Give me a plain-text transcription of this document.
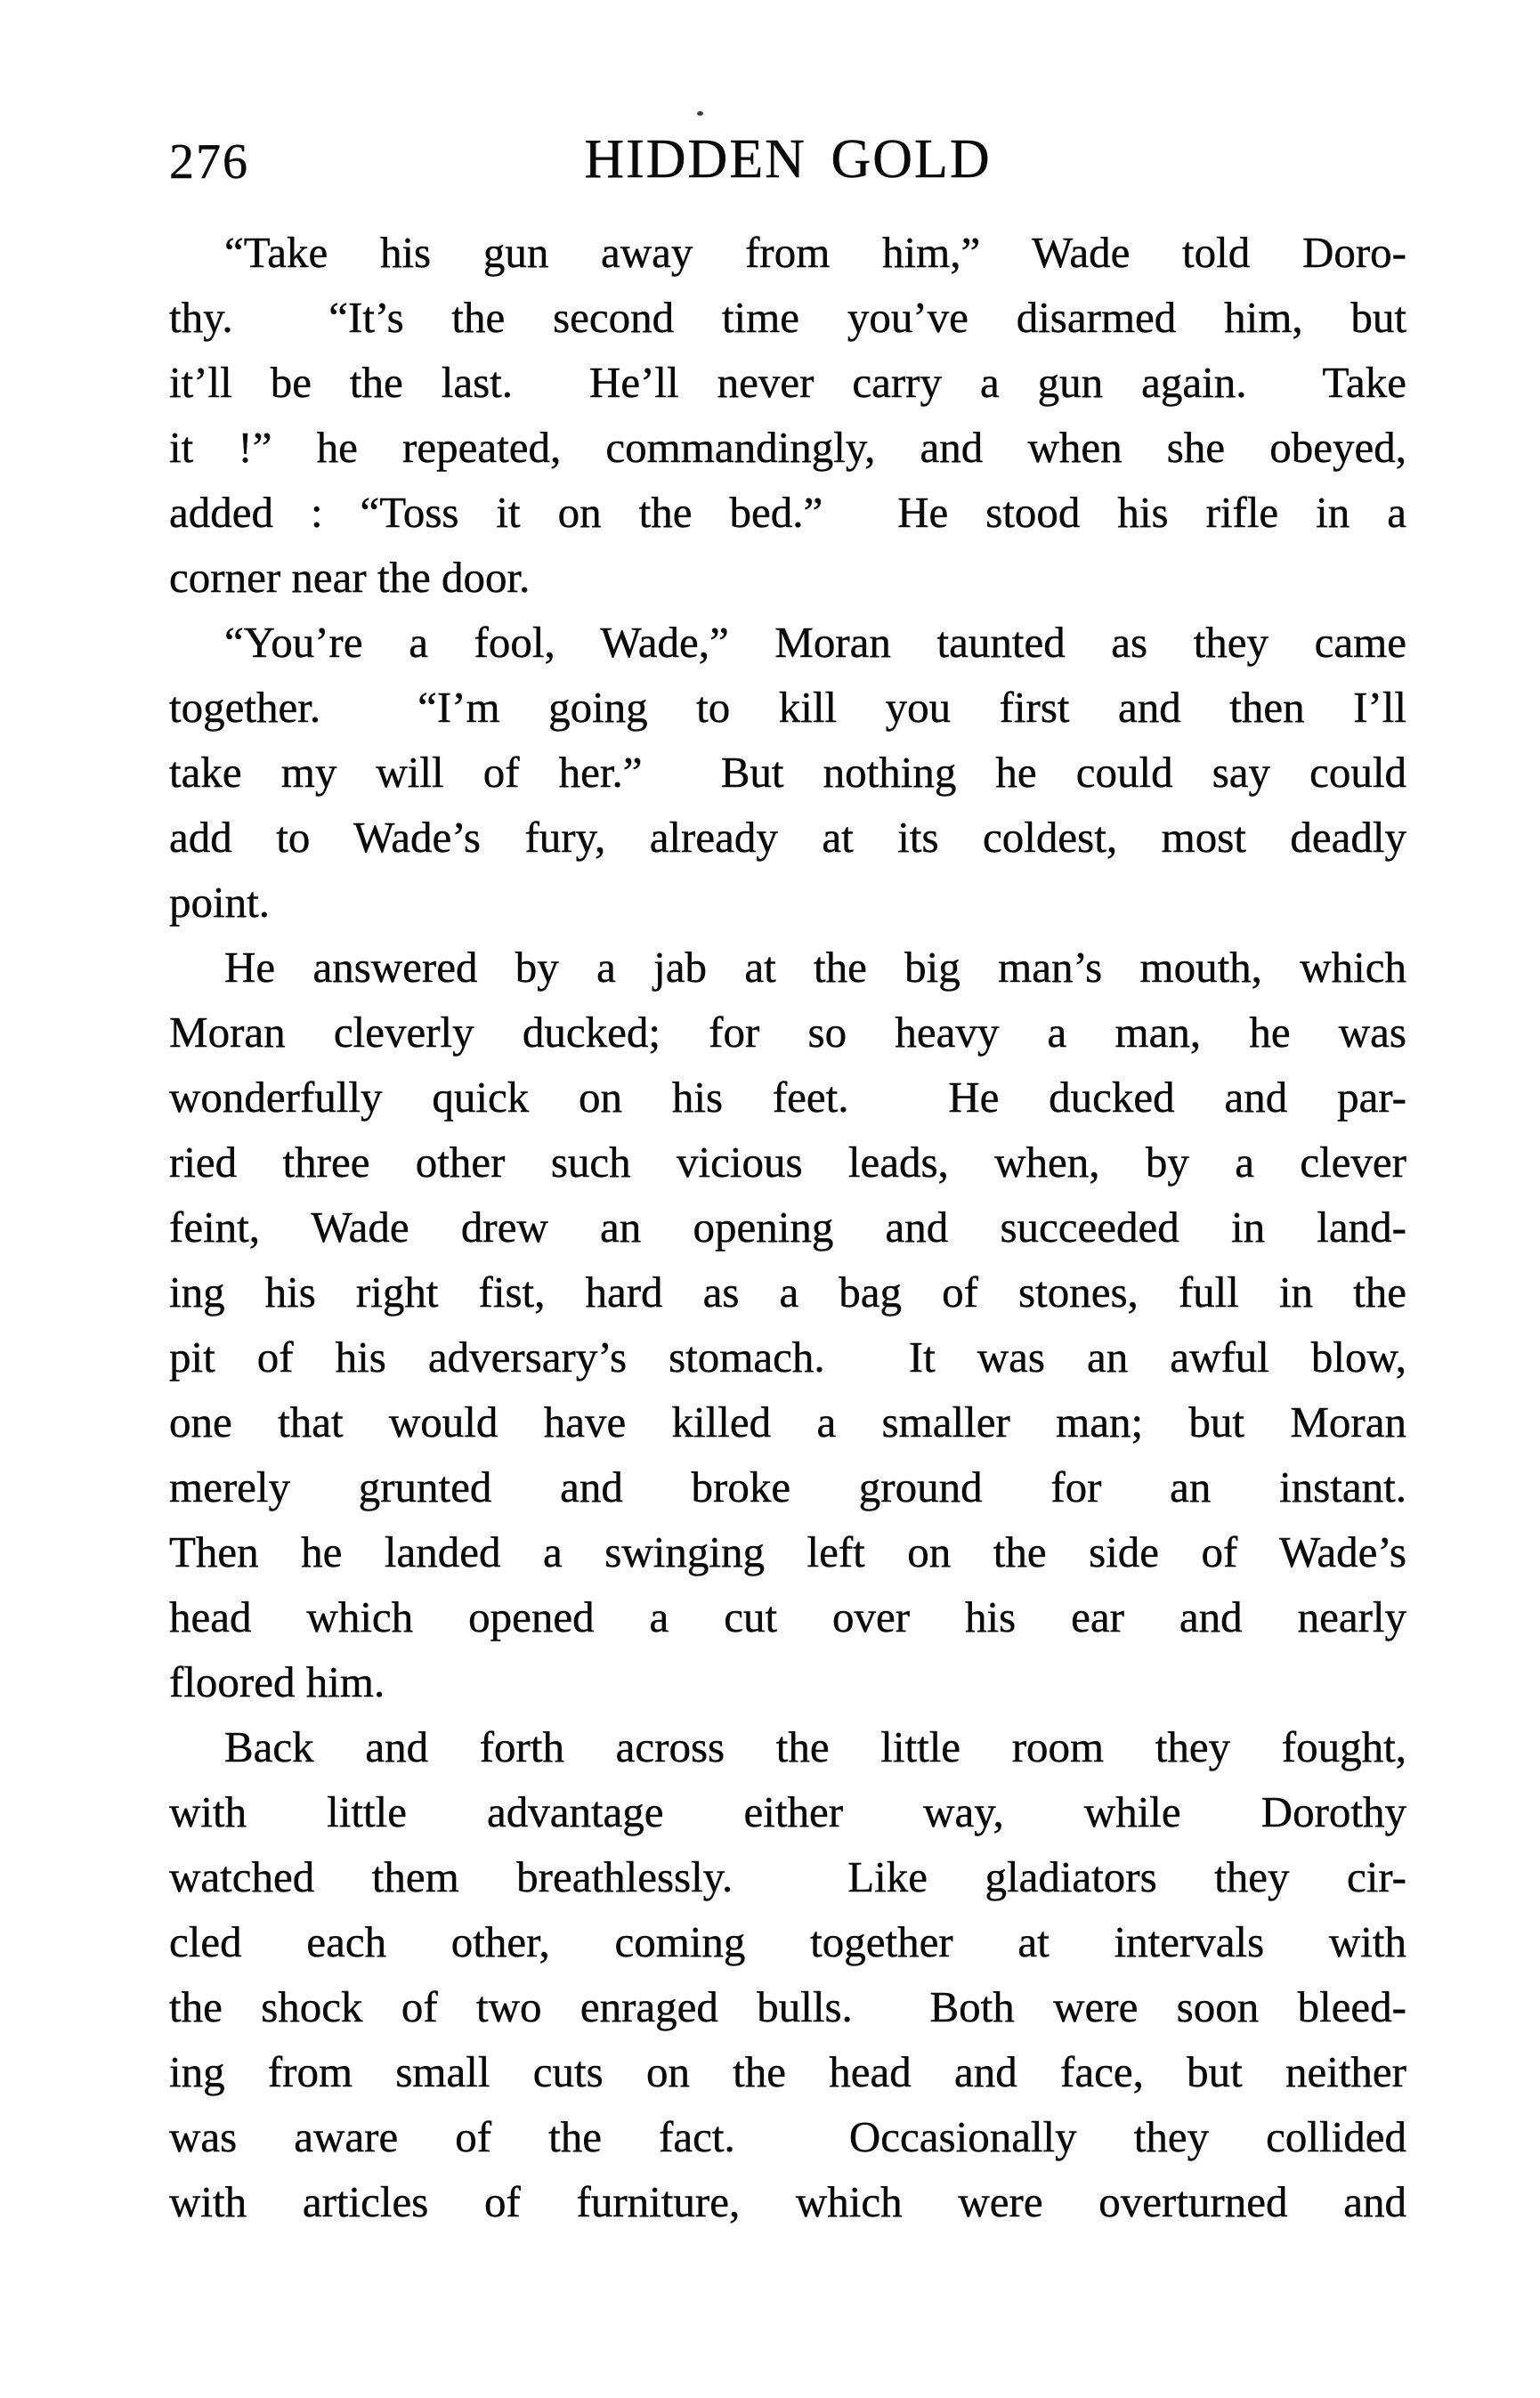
276	HIDDEN GOLD
“Take his gun away from him,” Wade told Doro-
thy.  “It’s the second time you’ve disarmed him, but
it’ll be the last.  He’ll never carry a gun again.  Take
it !” he repeated, commandingly, and when she obeyed,
added : “Toss it on the bed.”  He stood his rifle in a
corner near the door.
“You’re a fool, Wade,” Moran taunted as they came
together.  “I’m going to kill you first and then I’ll
take my will of her.”  But nothing he could say could
add to Wade’s fury, already at its coldest, most deadly
point.
He answered by a jab at the big man’s mouth, which
Moran cleverly ducked; for so heavy a man, he was
wonderfully quick on his feet.  He ducked and par-
ried three other such vicious leads, when, by a clever
feint, Wade drew an opening and succeeded in land-
ing his right fist, hard as a bag of stones, full in the
pit of his adversary’s stomach.  It was an awful blow,
one that would have killed a smaller man; but Moran
merely grunted and broke ground for an instant.
Then he landed a swinging left on the side of Wade’s
head which opened a cut over his ear and nearly
floored him.
Back and forth across the little room they fought,
with little advantage either way, while Dorothy
watched them breathlessly.  Like gladiators they cir-
cled each other, coming together at intervals with
the shock of two enraged bulls.  Both were soon bleed-
ing from small cuts on the head and face, but neither
was aware of the fact.  Occasionally they collided
with articles of furniture, which were overturned and
